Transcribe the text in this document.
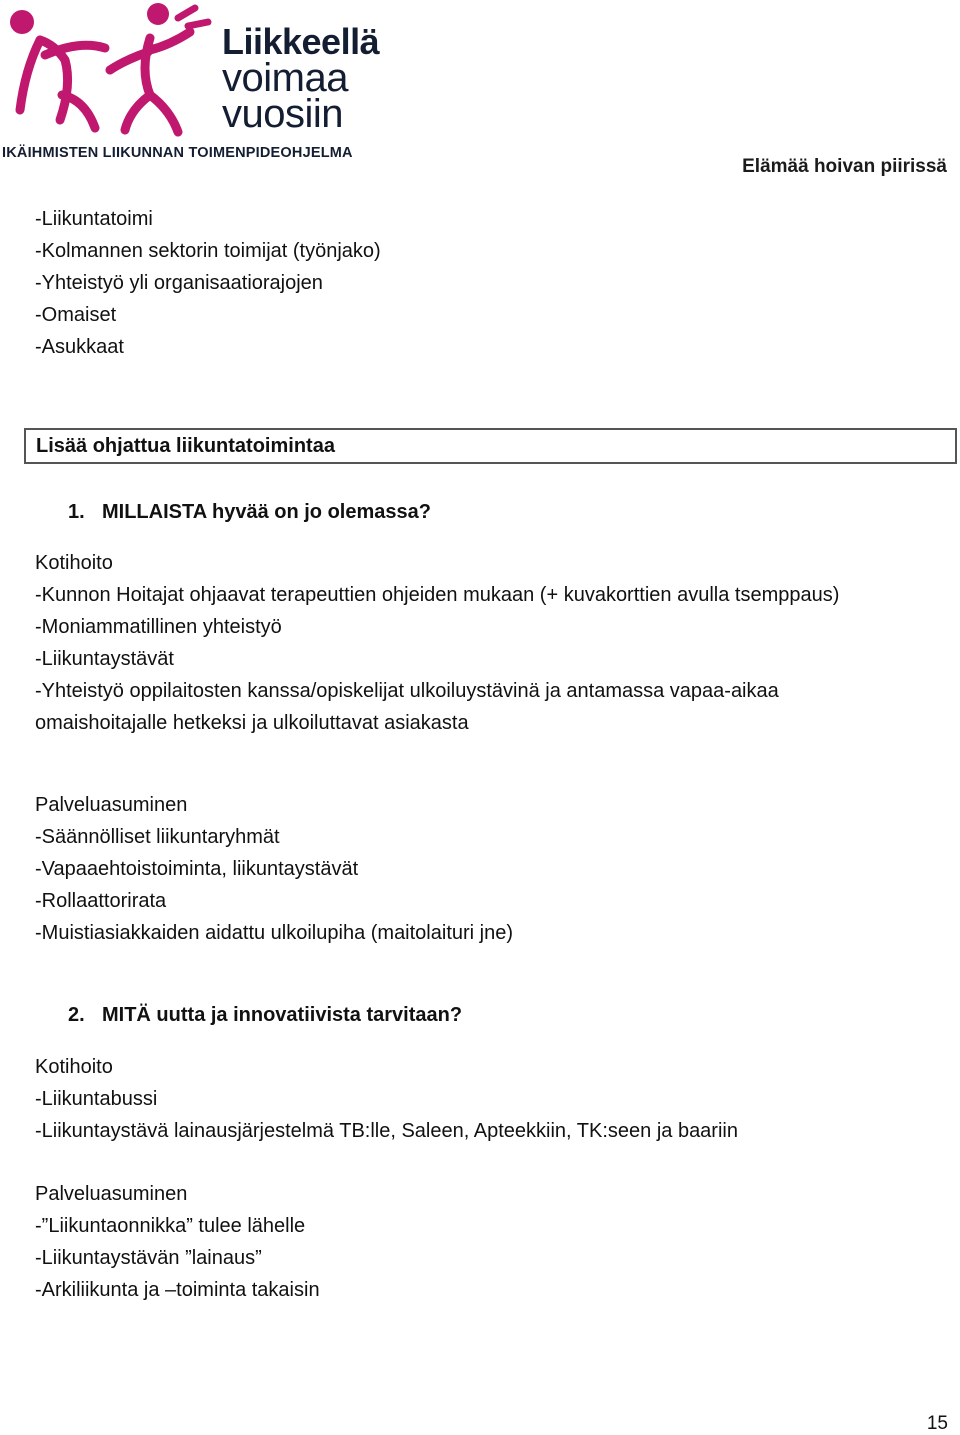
Liikkeellä
voimaa
vuosiin
IKÄIHMISTEN LIIKUNNAN TOIMENPIDEOHJELMA
Elämää hoivan piirissä
-Liikuntatoimi
-Kolmannen sektorin toimijat (työnjako)
-Yhteistyö yli organisaatiorajojen
-Omaiset
-Asukkaat
Lisää ohjattua liikuntatoimintaa
1. MILLAISTA hyvää on jo olemassa?
Kotihoito
-Kunnon Hoitajat ohjaavat terapeuttien ohjeiden mukaan (+ kuvakorttien avulla tsemppaus)
-Moniammatillinen yhteistyö
-Liikuntaystävät
-Yhteistyö oppilaitosten kanssa/opiskelijat ulkoiluystävinä ja antamassa vapaa-aikaa
omaishoitajalle hetkeksi ja ulkoiluttavat asiakasta
Palveluasuminen
-Säännölliset liikuntaryhmät
-Vapaaehtoistoiminta, liikuntaystävät
-Rollaattorirata
-Muistiasiakkaiden aidattu ulkoilupiha (maitolaituri jne)
2. MITÄ uutta ja innovatiivista tarvitaan?
Kotihoito
-Liikuntabussi
-Liikuntaystävä lainausjärjestelmä TB:lle, Saleen, Apteekkiin, TK:seen ja baariin
Palveluasuminen
-”Liikuntaonnikka” tulee lähelle
-Liikuntaystävän ”lainaus”
-Arkiliikunta ja –toiminta takaisin
15
